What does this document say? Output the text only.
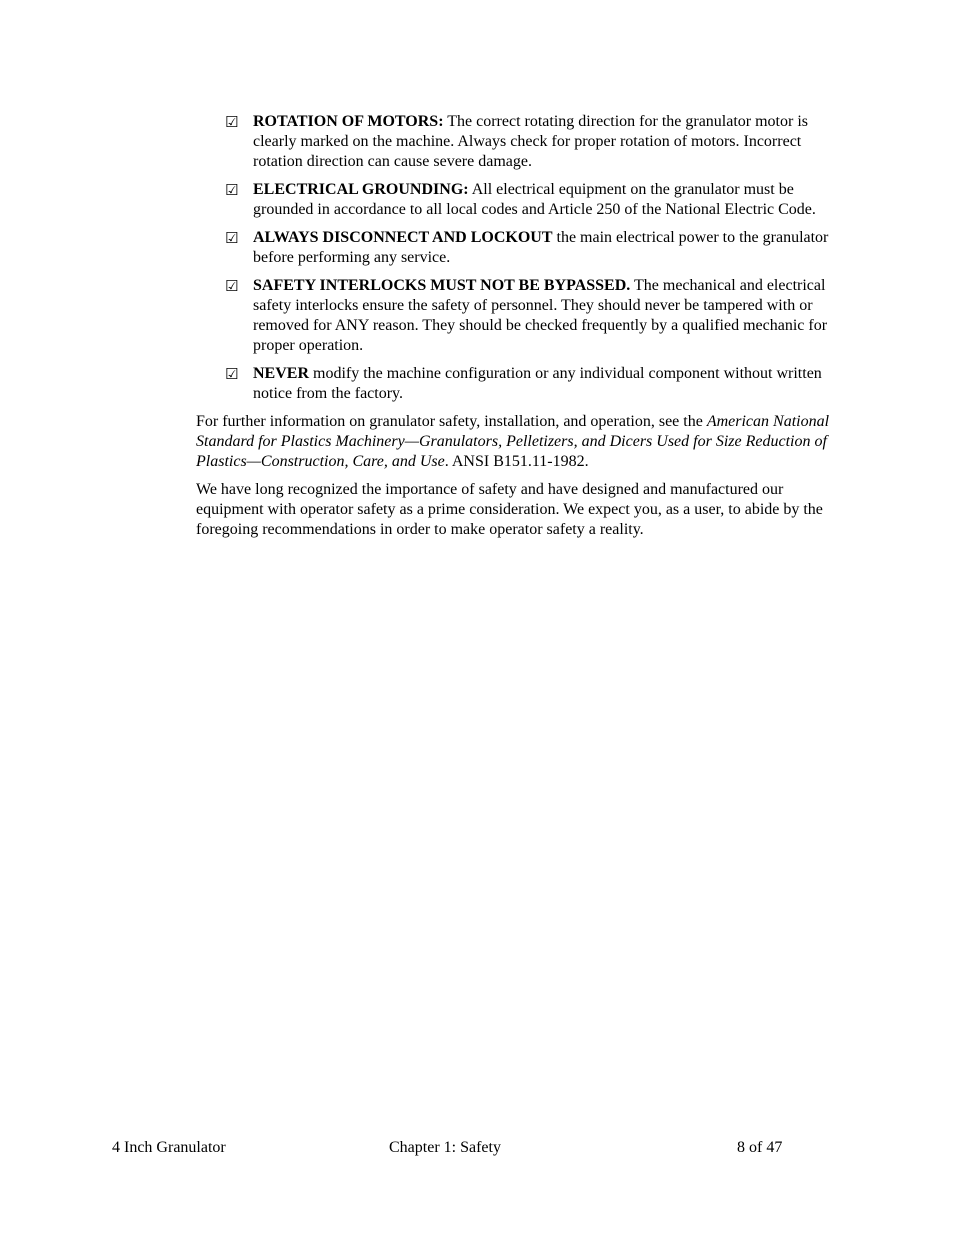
☑ ROTATION OF MOTORS: The correct rotating direction for the granulator motor is clearly marked on the machine. Always check for proper rotation of motors. Incorrect rotation direction can cause severe damage.
☑ ELECTRICAL GROUNDING: All electrical equipment on the granulator must be grounded in accordance to all local codes and Article 250 of the National Electric Code.
☑ ALWAYS DISCONNECT AND LOCKOUT the main electrical power to the granulator before performing any service.
☑ SAFETY INTERLOCKS MUST NOT BE BYPASSED. The mechanical and electrical safety interlocks ensure the safety of personnel. They should never be tampered with or removed for ANY reason. They should be checked frequently by a qualified mechanic for proper operation.
☑ NEVER modify the machine configuration or any individual component without written notice from the factory.

For further information on granulator safety, installation, and operation, see the American National Standard for Plastics Machinery—Granulators, Pelletizers, and Dicers Used for Size Reduction of Plastics—Construction, Care, and Use. ANSI B151.11-1982.

We have long recognized the importance of safety and have designed and manufactured our equipment with operator safety as a prime consideration. We expect you, as a user, to abide by the foregoing recommendations in order to make operator safety a reality.

4 Inch Granulator	Chapter 1: Safety	8 of 47
